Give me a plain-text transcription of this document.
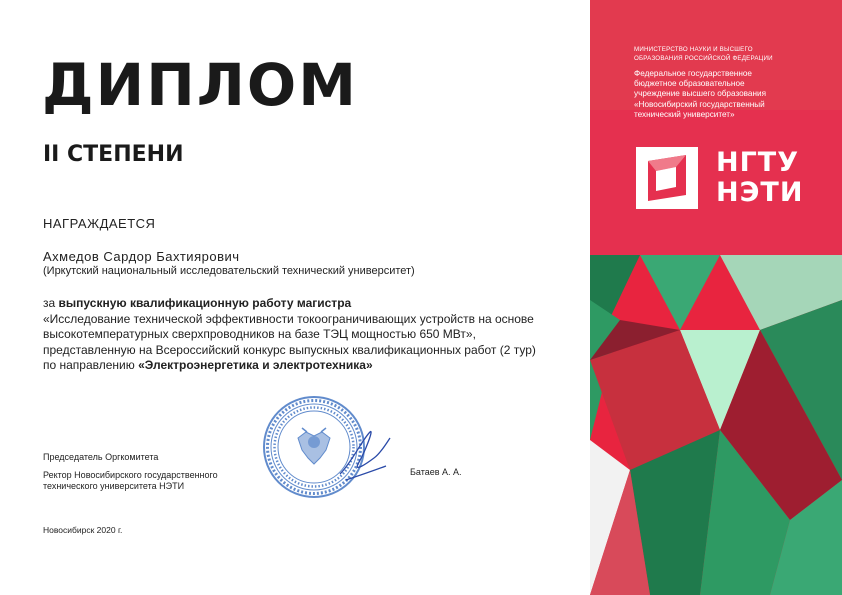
ДИПЛОМ
II СТЕПЕНИ
НАГРАЖДАЕТСЯ
Ахмедов Сардор Бахтиярович
(Иркутский национальный исследовательский технический университет)

за выпускную квалификационную работу магистра

«Исследование технической эффективности токоограничивающих устройств на основе

высокотемпературных сверхпроводников на базе ТЭЦ мощностью 650 МВт»,

представленную на Всероссийский конкурс выпускных квалификационных работ (2 тур)

по направлению «Электроэнергетика и электротехника»

Председатель Оргкомитета
Ректор Новосибирского государственного
технического университета НЭТИ
Батаев А. А.
Новосибирск 2020 г.
МИНИСТЕРСТВО НАУКИ И ВЫСШЕГО
ОБРАЗОВАНИЯ РОССИЙСКОЙ ФЕДЕРАЦИИ
Федеральное государственное
бюджетное образовательное
учреждение высшего образования
«Новосибирский государственный
технический университет»
НГТУ
НЭТИ
